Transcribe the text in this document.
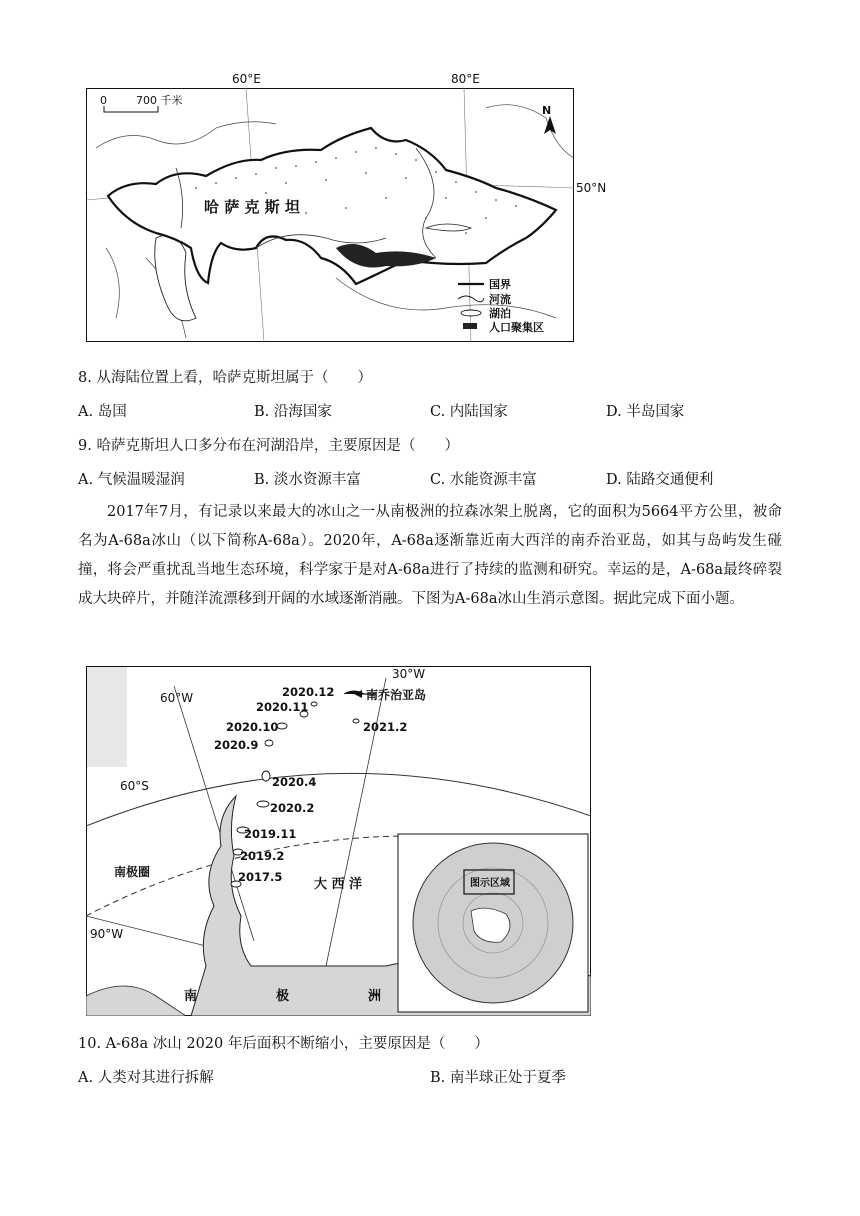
0	700 千米
N
哈 萨 克 斯 坦
国界
河流
湖泊
人口聚集区
60°E	80°E
50°N
8. 从海陆位置上看，哈萨克斯坦属于（　　）
A. 岛国	B. 沿海国家	C. 内陆国家	D. 半岛国家
9. 哈萨克斯坦人口多分布在河湖沿岸，主要原因是（　　）
A. 气候温暖湿润	B. 淡水资源丰富	C. 水能资源丰富	D. 陆路交通便利
2017年7月，有记录以来最大的冰山之一从南极洲的拉森冰架上脱离，它的面积为5664平方公里，被命名为A-68a冰山（以下简称A-68a）。2020年，A-68a逐渐靠近南大西洋的南乔治亚岛，如其与岛屿发生碰撞，将会严重扰乱当地生态环境，科学家于是对A-68a进行了持续的监测和研究。幸运的是，A-68a最终碎裂成大块碎片，并随洋流漂移到开阔的水域逐渐消融。下图为A-68a冰山生消示意图。据此完成下面小题。
图示区域
60°W
30°W
90°W
60°S
南极圈
大 西 洋
南乔治亚岛
南	极	洲
2020.12
2020.11
2020.10
2020.9
2021.2
2020.4
2020.2
2019.11
2019.2
2017.5
10. A-68a 冰山 2020 年后面积不断缩小，主要原因是（　　）
A. 人类对其进行拆解	B. 南半球正处于夏季
